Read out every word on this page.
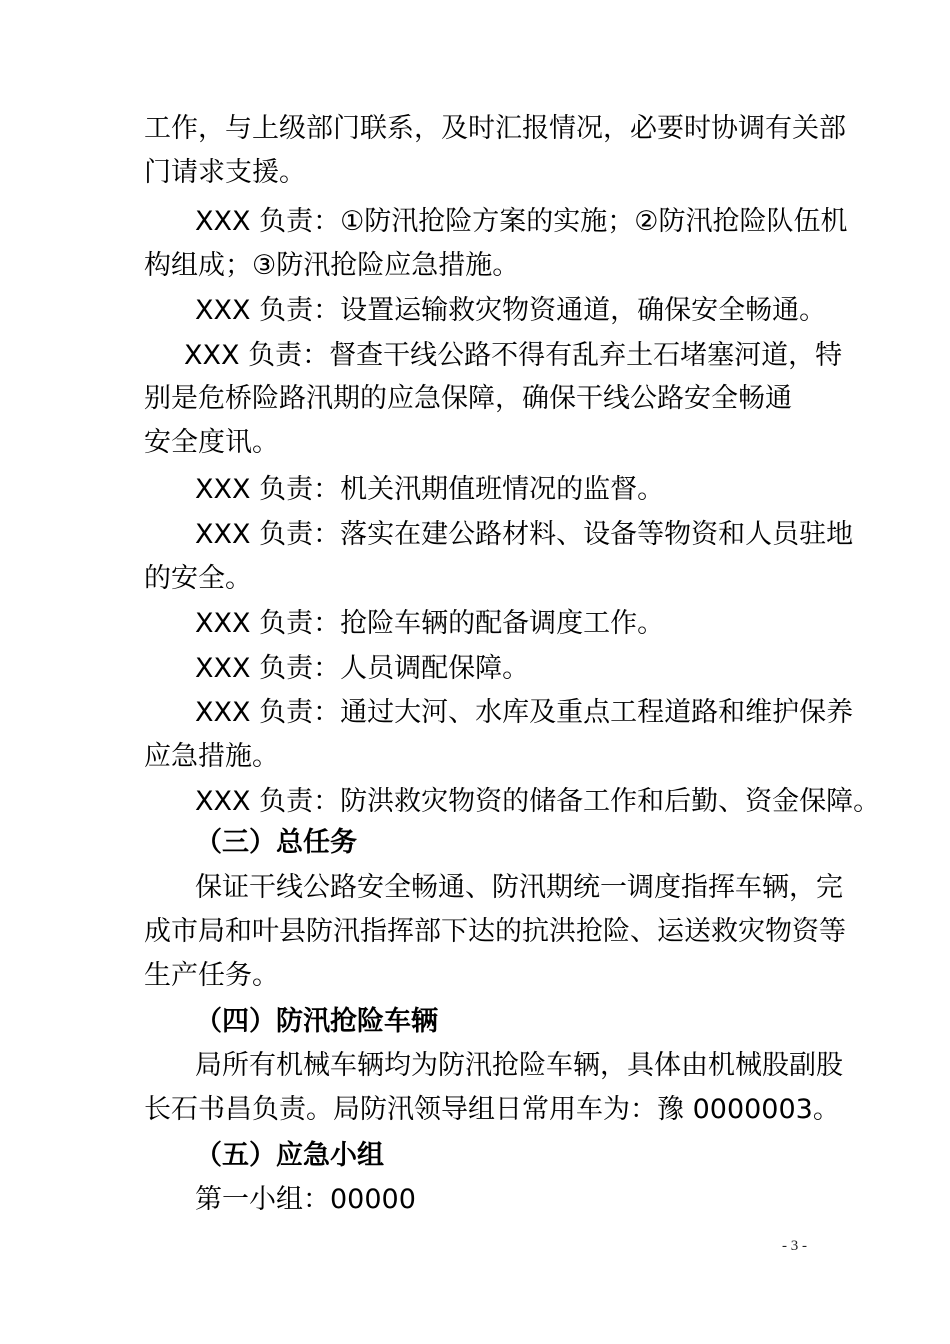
工作，与上级部门联系，及时汇报情况，必要时协调有关部
门请求支援。
XXX 负责：①防汛抢险方案的实施；②防汛抢险队伍机
构组成；③防汛抢险应急措施。
XXX 负责：设置运输救灾物资通道，确保安全畅通。
XXX 负责：督查干线公路不得有乱弃土石堵塞河道，特
别是危桥险路汛期的应急保障，确保干线公路安全畅通
安全度讯。
XXX 负责：机关汛期值班情况的监督。
XXX 负责：落实在建公路材料、设备等物资和人员驻地
的安全。
XXX 负责：抢险车辆的配备调度工作。
XXX 负责：人员调配保障。
XXX 负责：通过大河、水库及重点工程道路和维护保养
应急措施。
XXX 负责：防洪救灾物资的储备工作和后勤、资金保障。
（三）总任务
保证干线公路安全畅通、防汛期统一调度指挥车辆，完
成市局和叶县防汛指挥部下达的抗洪抢险、运送救灾物资等
生产任务。
（四）防汛抢险车辆
局所有机械车辆均为防汛抢险车辆，具体由机械股副股
长石书昌负责。局防汛领导组日常用车为：豫 0000003。
（五）应急小组
第一小组：00000
- 3 -
